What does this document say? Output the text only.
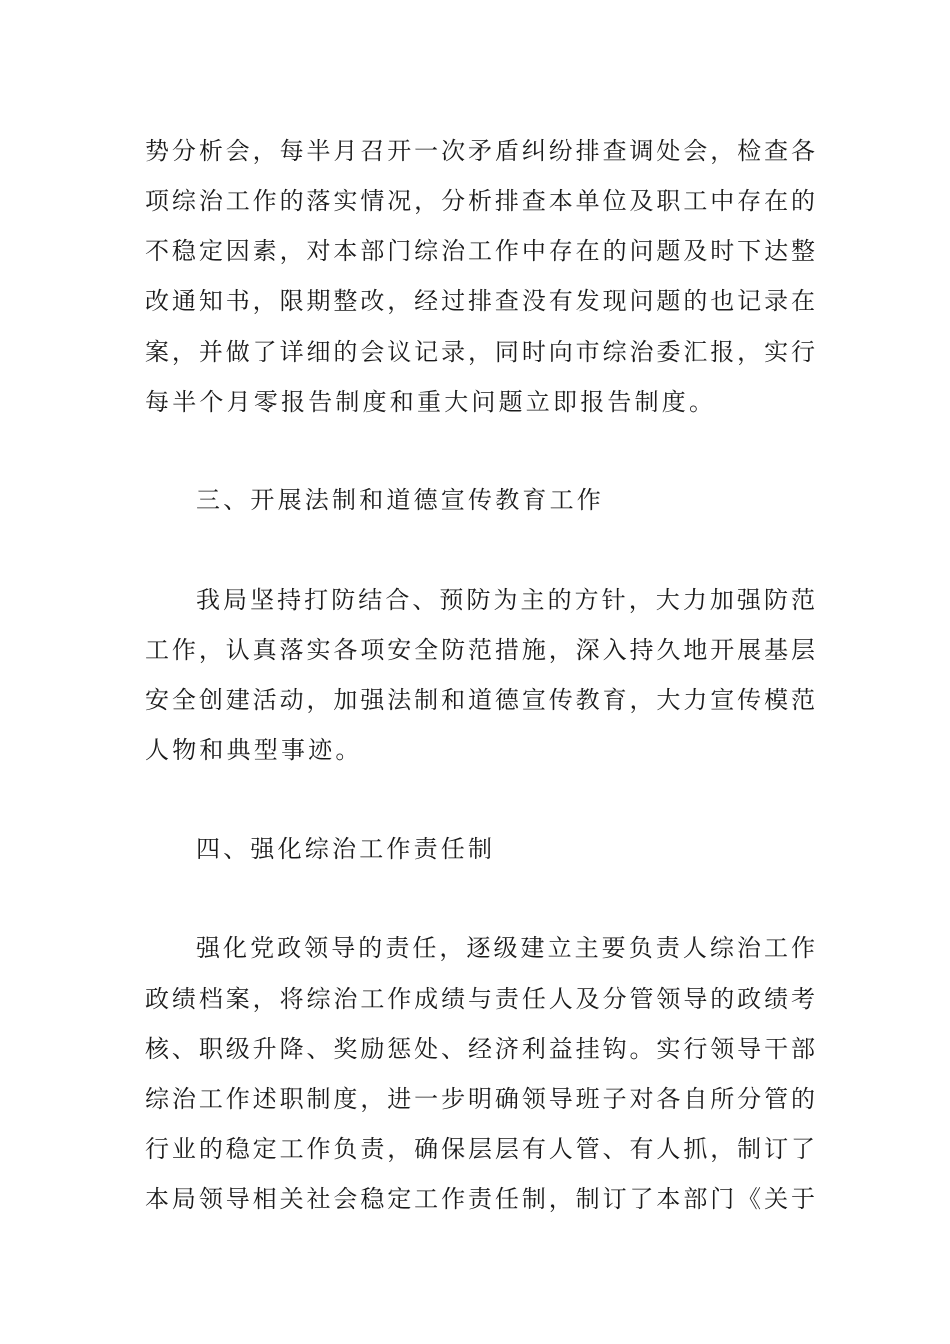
势分析会，每半月召开一次矛盾纠纷排查调处会，检查各
项综治工作的落实情况，分析排查本单位及职工中存在的
不稳定因素，对本部门综治工作中存在的问题及时下达整
改通知书，限期整改，经过排查没有发现问题的也记录在
案，并做了详细的会议记录，同时向市综治委汇报，实行
每半个月零报告制度和重大问题立即报告制度。
三、开展法制和道德宣传教育工作
我局坚持打防结合、预防为主的方针，大力加强防范
工作，认真落实各项安全防范措施，深入持久地开展基层
安全创建活动，加强法制和道德宣传教育，大力宣传模范
人物和典型事迹。
四、强化综治工作责任制
强化党政领导的责任，逐级建立主要负责人综治工作
政绩档案，将综治工作成绩与责任人及分管领导的政绩考
核、职级升降、奖励惩处、经济利益挂钩。实行领导干部
综治工作述职制度，进一步明确领导班子对各自所分管的
行业的稳定工作负责，确保层层有人管、有人抓，制订了
本局领导相关社会稳定工作责任制，制订了本部门《关于
